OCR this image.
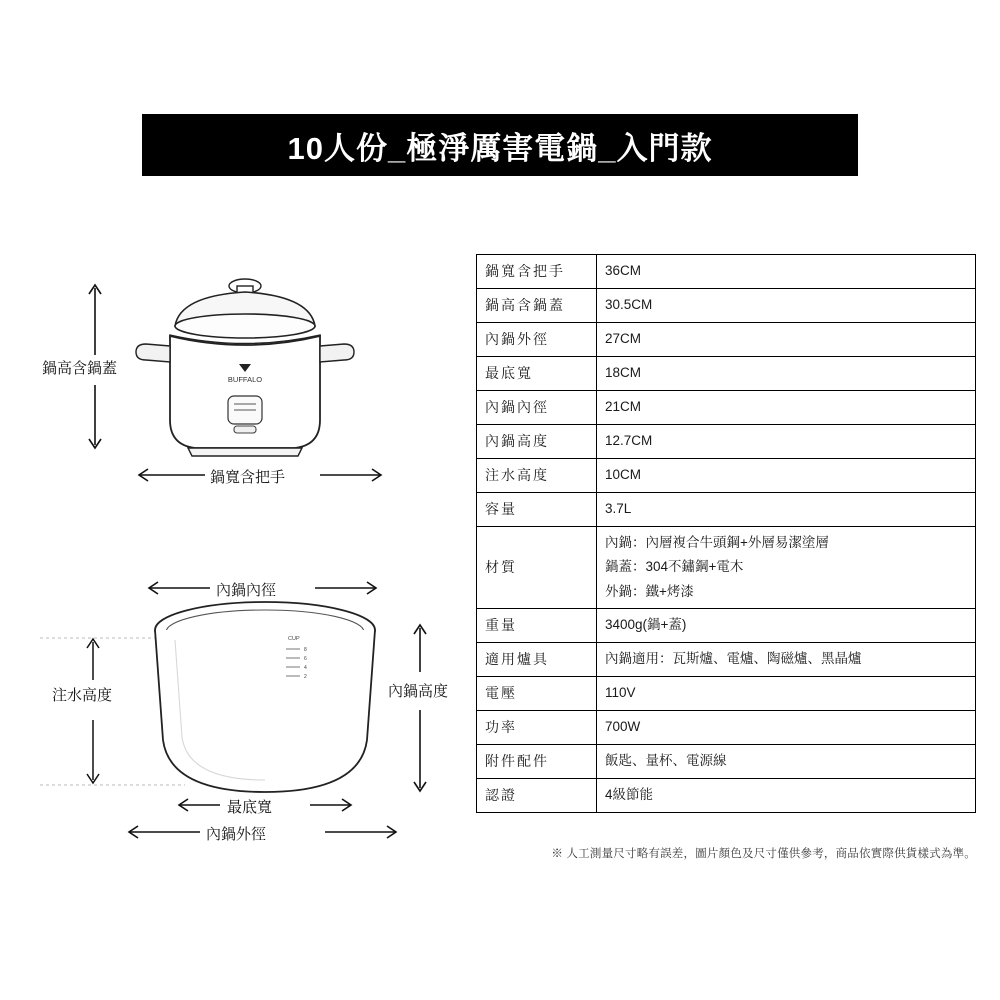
10人份_極淨厲害電鍋_入門款
BUFFALO
CUP
8
6
4
2
鍋高含鍋蓋
鍋寬含把手
內鍋內徑
內鍋高度
注水高度
最底寬
內鍋外徑
鍋寬含把手	36CM
鍋高含鍋蓋	30.5CM
內鍋外徑	27CM
最底寬	18CM
內鍋內徑	21CM
內鍋高度	12.7CM
注水高度	10CM
容量	3.7L
材質	內鍋：內層複合牛頭鋼+外層易潔塗層
鍋蓋：304不鏽鋼+電木
外鍋：鐵+烤漆

重量	3400g(鍋+蓋)
適用爐具	內鍋適用：瓦斯爐、電爐、陶磁爐、黑晶爐
電壓	110V
功率	700W
附件配件	飯匙、量杯、電源線
認證	4級節能
※ 人工測量尺寸略有誤差，圖片顏色及尺寸僅供參考，商品依實際供貨樣式為準。
